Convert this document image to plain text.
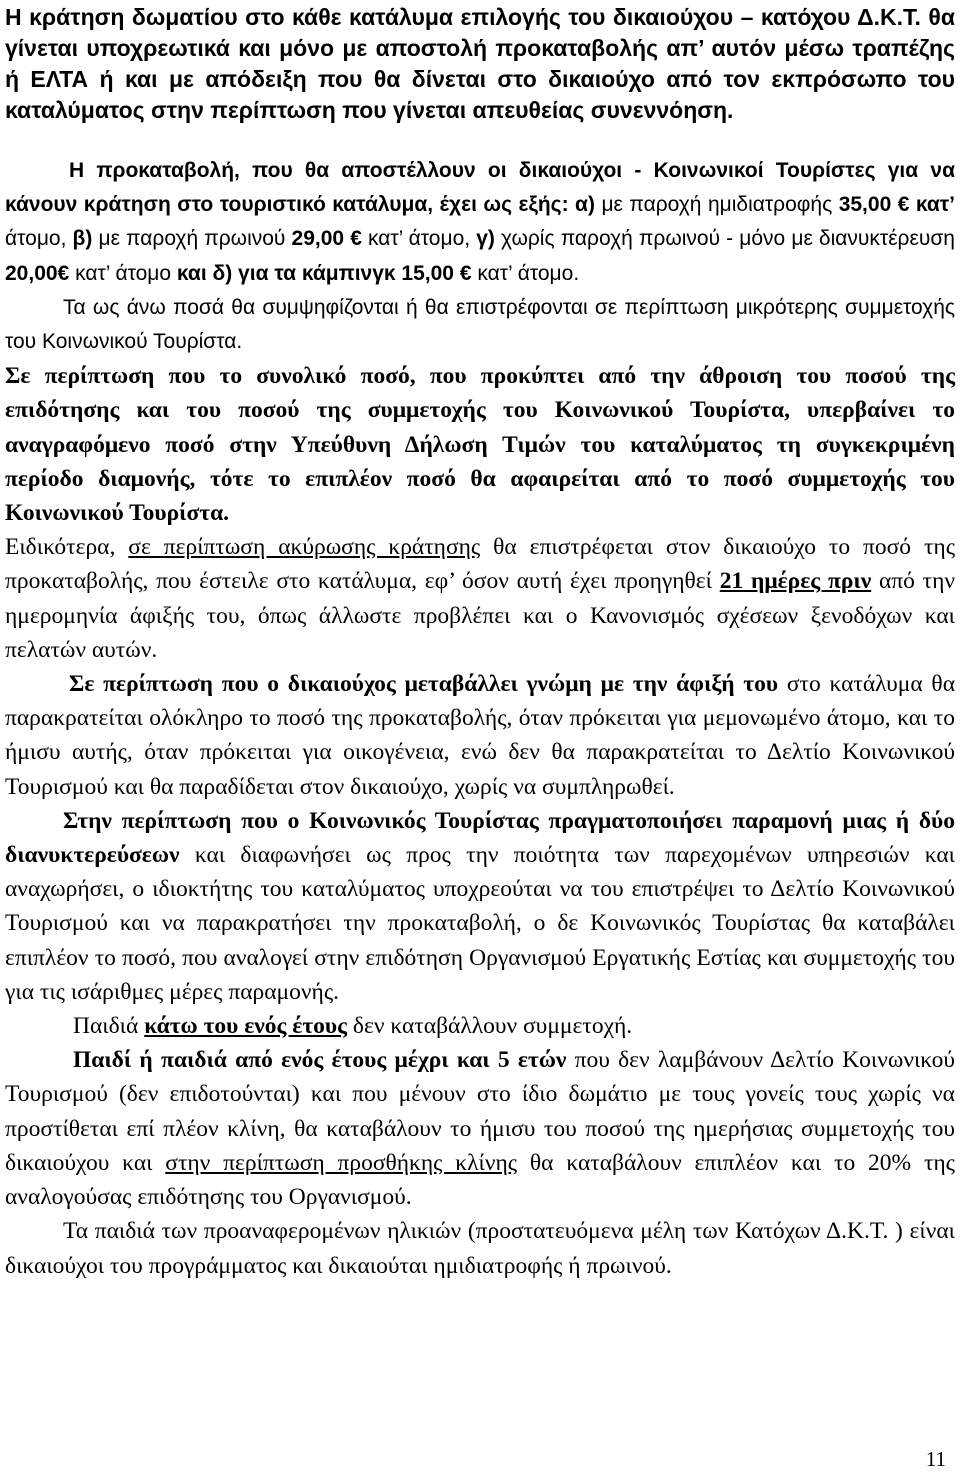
Η κράτηση δωματίου στο κάθε κατάλυμα επιλογής του δικαιούχου – κατόχου Δ.Κ.Τ. θα γίνεται υποχρεωτικά και μόνο με αποστολή προκαταβολής απ’ αυτόν μέσω τραπέζης ή ΕΛΤΑ ή και με απόδειξη που θα δίνεται στο δικαιούχο από τον εκπρόσωπο του καταλύματος στην περίπτωση που γίνεται απευθείας συνεννόηση.

Η προκαταβολή, που θα αποστέλλουν οι δικαιούχοι - Κοινωνικοί Τουρίστες για να κάνουν κράτηση στο τουριστικό κατάλυμα, έχει ως εξής: α) με παροχή ημιδιατροφής 35,00 € κατ’ άτομο, β) με παροχή πρωινού 29,00 € κατ’ άτομο, γ) χωρίς παροχή πρωινού - μόνο με διανυκτέρευση 20,00€ κατ’ άτομο και δ) για τα κάμπινγκ 15,00 € κατ’ άτομο.

Τα ως άνω ποσά θα συμψηφίζονται ή θα επιστρέφονται σε περίπτωση μικρότερης συμμετοχής του Κοινωνικού Τουρίστα.

Σε περίπτωση που το συνολικό ποσό, που προκύπτει από την άθροιση του ποσού της επιδότησης και του ποσού της συμμετοχής του Κοινωνικού Τουρίστα, υπερβαίνει το αναγραφόμενο ποσό στην Υπεύθυνη Δήλωση Τιμών του καταλύματος τη συγκεκριμένη περίοδο διαμονής, τότε το επιπλέον ποσό θα αφαιρείται από το ποσό συμμετοχής του Κοινωνικού Τουρίστα.

Ειδικότερα, σε περίπτωση ακύρωσης κράτησης θα επιστρέφεται στον δικαιούχο το ποσό της προκαταβολής, που έστειλε στο κατάλυμα, εφ’ όσον αυτή έχει προηγηθεί 21 ημέρες πριν από την ημερομηνία άφιξής του, όπως άλλωστε προβλέπει και ο Κανονισμός σχέσεων ξενοδόχων και πελατών αυτών.

Σε περίπτωση που ο δικαιούχος μεταβάλλει γνώμη με την άφιξή του στο κατάλυμα θα παρακρατείται ολόκληρο το ποσό της προκαταβολής, όταν πρόκειται για μεμονωμένο άτομο, και το ήμισυ αυτής, όταν πρόκειται για οικογένεια, ενώ δεν θα παρακρατείται το Δελτίο Κοινωνικού Τουρισμού και θα παραδίδεται στον δικαιούχο, χωρίς να συμπληρωθεί.

Στην περίπτωση που ο Κοινωνικός Τουρίστας πραγματοποιήσει παραμονή μιας ή δύο διανυκτερεύσεων και διαφωνήσει ως προς την ποιότητα των παρεχομένων υπηρεσιών και αναχωρήσει, ο ιδιοκτήτης του καταλύματος υποχρεούται να του επιστρέψει το Δελτίο Κοινωνικού Τουρισμού και να παρακρατήσει την προκαταβολή, ο δε Κοινωνικός Τουρίστας θα καταβάλει επιπλέον το ποσό, που αναλογεί στην επιδότηση Οργανισμού Εργατικής Εστίας και συμμετοχής του για τις ισάριθμες μέρες παραμονής.

Παιδιά κάτω του ενός έτους δεν καταβάλλουν συμμετοχή.

Παιδί ή παιδιά από ενός έτους μέχρι και 5 ετών που δεν λαμβάνουν Δελτίο Κοινωνικού Τουρισμού (δεν επιδοτούνται) και που μένουν στο ίδιο δωμάτιο με τους γονείς τους χωρίς να προστίθεται επί πλέον κλίνη, θα καταβάλουν το ήμισυ του ποσού της ημερήσιας συμμετοχής του δικαιούχου και στην περίπτωση προσθήκης κλίνης θα καταβάλουν επιπλέον και το 20% της αναλογούσας επιδότησης του Οργανισμού.

Τα παιδιά των προαναφερομένων ηλικιών (προστατευόμενα μέλη των Κατόχων Δ.Κ.Τ. ) είναι δικαιούχοι του προγράμματος και δικαιούται ημιδιατροφής ή πρωινού.

11
